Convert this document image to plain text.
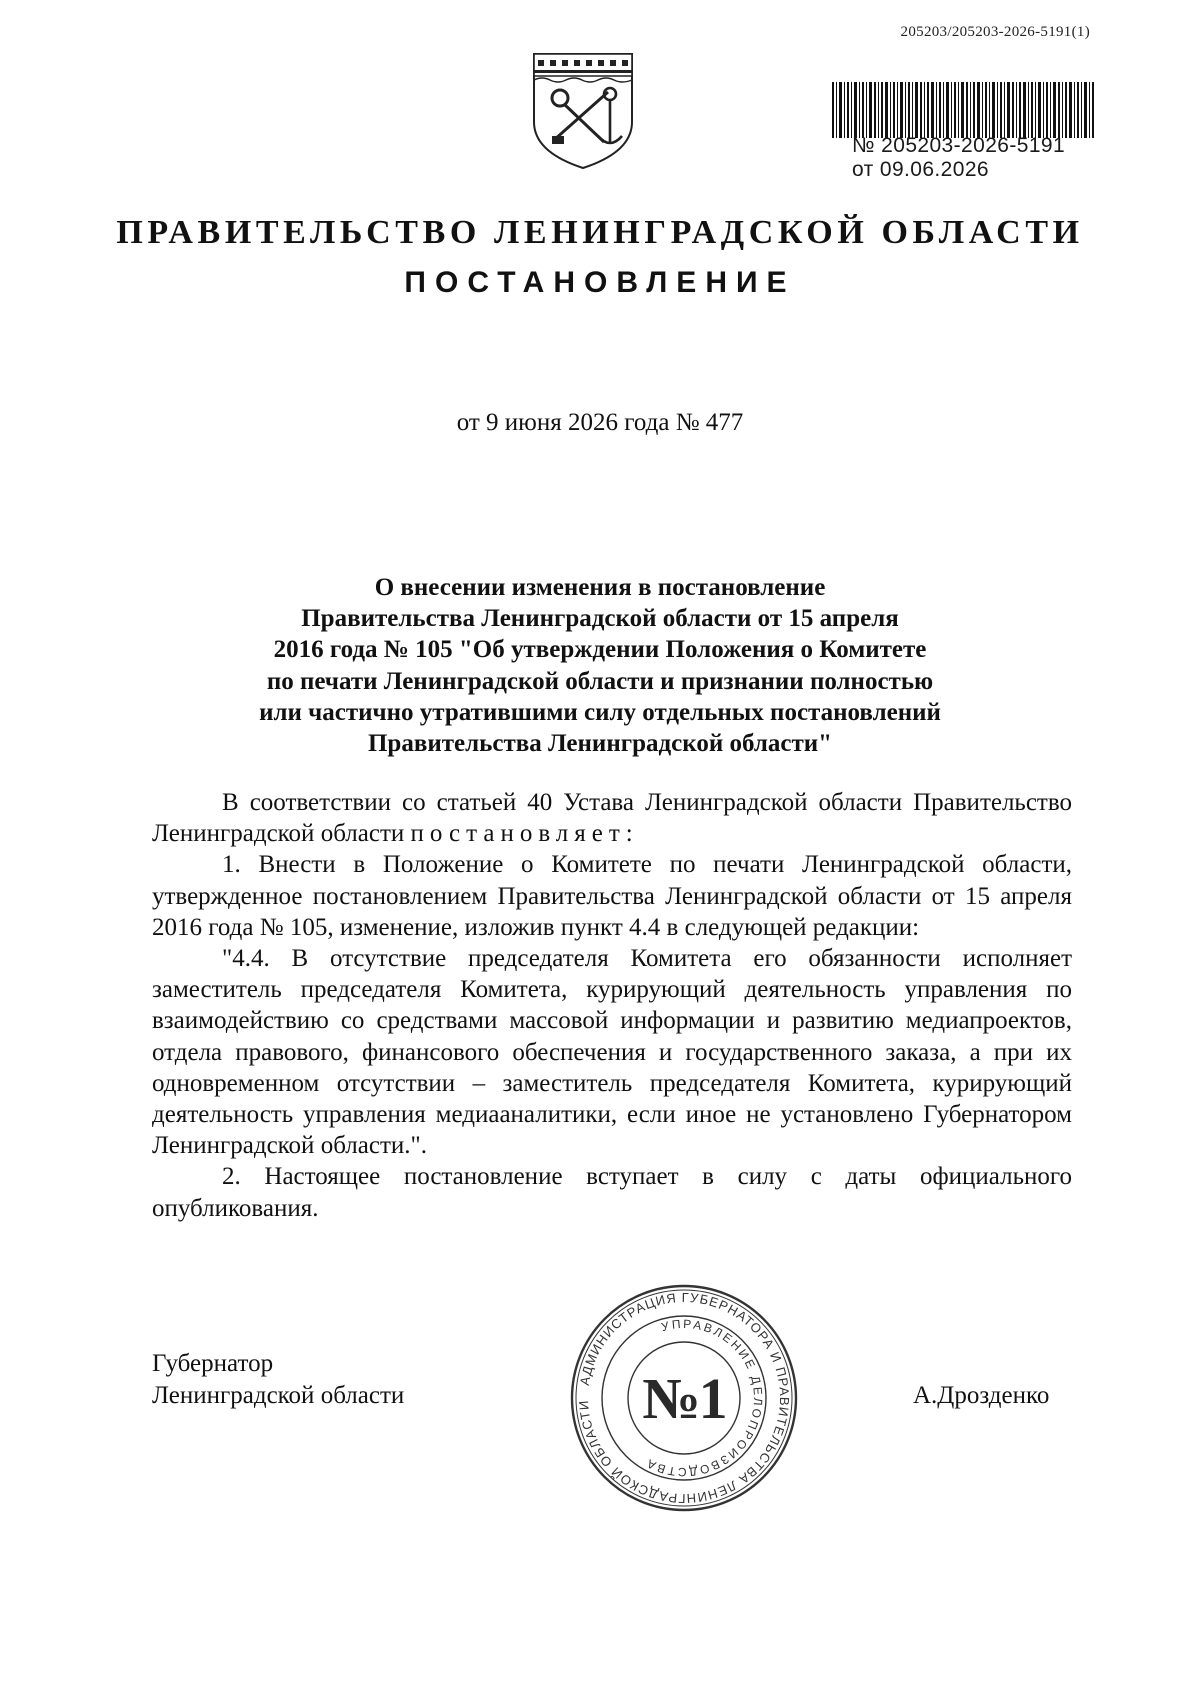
205203/205203-2026-5191(1)
№ 205203-2026-5191
от 09.06.2026
ПРАВИТЕЛЬСТВО ЛЕНИНГРАДСКОЙ ОБЛАСТИ
ПОСТАНОВЛЕНИЕ
от 9 июня 2026 года № 477
О внесении изменения в постановление
Правительства Ленинградской области от 15 апреля
2016 года № 105 "Об утверждении Положения о Комитете
по печати Ленинградской области и признании полностью
или частично утратившими силу отдельных постановлений
Правительства Ленинградской области"

В соответствии со статьей 40 Устава Ленинградской области Правительство Ленинградской области постановляет:

1. Внести в Положение о Комитете по печати Ленинградской области, утвержденное постановлением Правительства Ленинградской области от 15 апреля 2016 года № 105, изменение, изложив пункт 4.4 в следующей редакции:

"4.4. В отсутствие председателя Комитета его обязанности исполняет заместитель председателя Комитета, курирующий деятельность управления по взаимодействию со средствами массовой информации и развитию медиапроектов, отдела правового, финансового обеспечения и государственного заказа, а при их одновременном отсутствии – заместитель председателя Комитета, курирующий деятельность управления медиааналитики, если иное не установлено Губернатором Ленинградской области.".

2. Настоящее постановление вступает в силу с даты официального опубликования.

АДМИНИСТРАЦИЯ ГУБЕРНАТОРА И ПРАВИТЕЛЬСТВА ЛЕНИНГРАДСКОЙ ОБЛАСТИ
УПРАВЛЕНИЕ ДЕЛОПРОИЗВОДСТВА
№1
Губернатор
Ленинградской области	А.Дрозденко
